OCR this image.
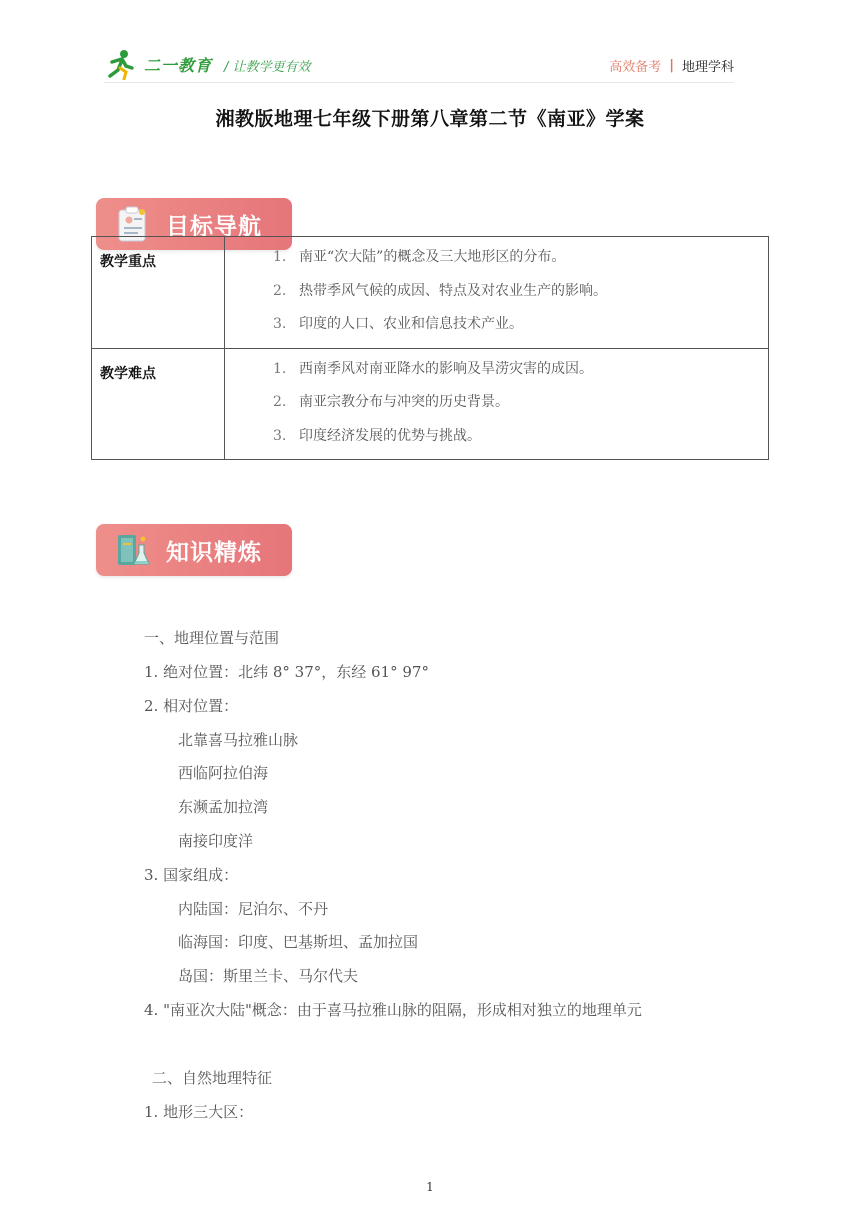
二一教育 / 让教学更有效	高效备考 | 地理学科
湘教版地理七年级下册第八章第二节《南亚》学案
目标导航
教学重点	1. 南亚“次大陆”的概念及三大地形区的分布。
2. 热带季风气候的成因、特点及对农业生产的影响。
3. 印度的人口、农业和信息技术产业。

教学难点	1. 西南季风对南亚降水的影响及旱涝灾害的成因。
2. 南亚宗教分布与冲突的历史背景。
3. 印度经济发展的优势与挑战。
知识精炼
一、地理位置与范围
1. 绝对位置：北纬 8° 37°，东经 61° 97°
2. 相对位置：
北靠喜马拉雅山脉
西临阿拉伯海
东濒孟加拉湾
南接印度洋
3. 国家组成：
内陆国：尼泊尔、不丹
临海国：印度、巴基斯坦、孟加拉国
岛国：斯里兰卡、马尔代夫
4. "南亚次大陆"概念：由于喜马拉雅山脉的阻隔，形成相对独立的地理单元
二、自然地理特征
1. 地形三大区：
1
